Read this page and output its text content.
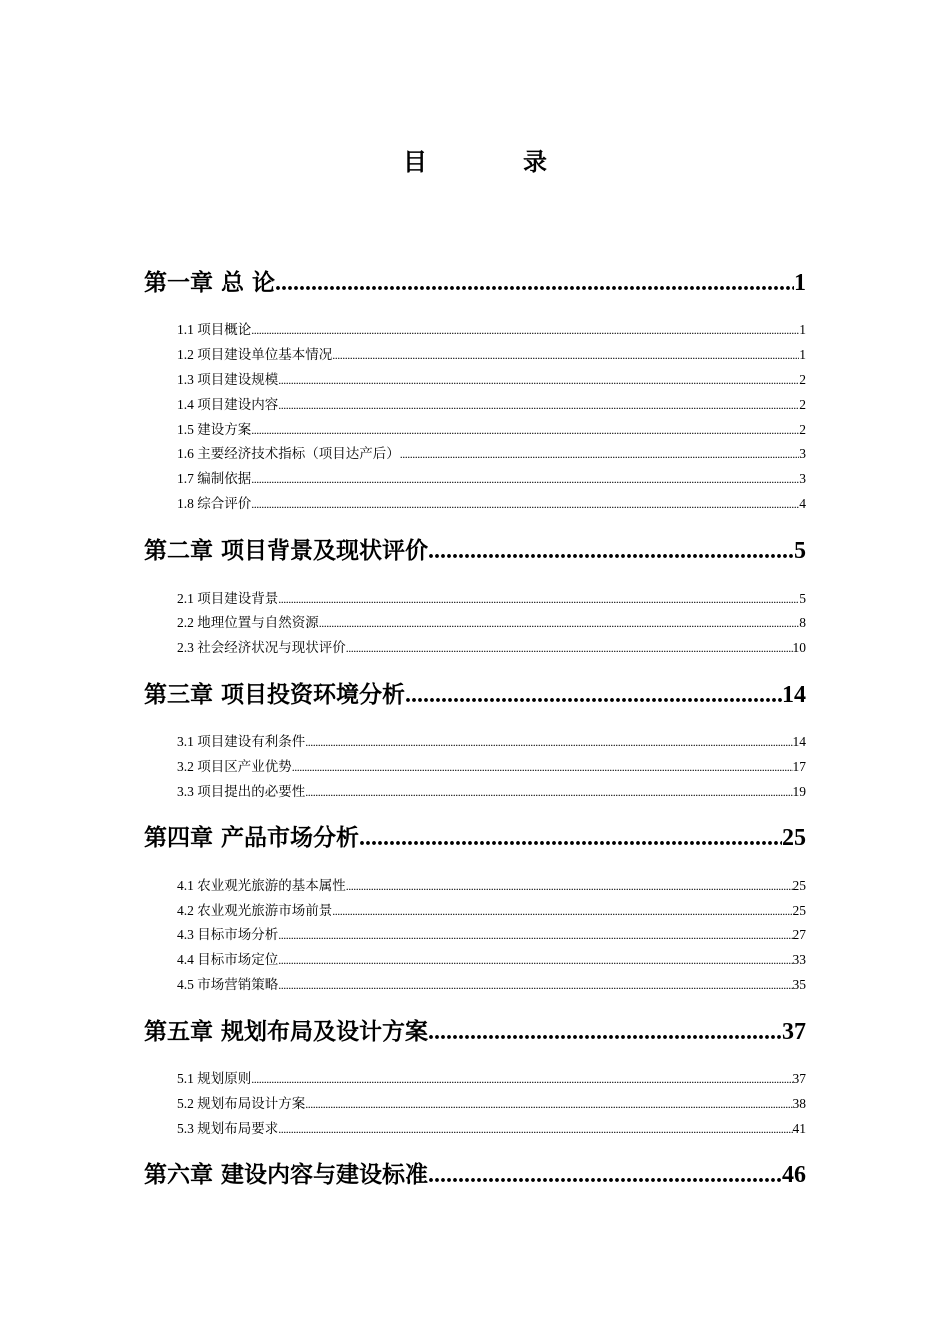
目　录
第一章 总 论 .....	1
1.1 项目概论 .....	1
1.2 项目建设单位基本情况 .....	1
1.3 项目建设规模 .....	2
1.4 项目建设内容 .....	2
1.5 建设方案 .....	2
1.6 主要经济技术指标（项目达产后） .....	3
1.7 编制依据 .....	3
1.8 综合评价 .....	4
第二章 项目背景及现状评价 .....	5
2.1 项目建设背景 .....	5
2.2 地理位置与自然资源 .....	8
2.3 社会经济状况与现状评价 .....	10
第三章 项目投资环境分析 .....	14
3.1 项目建设有利条件 .....	14
3.2 项目区产业优势 .....	17
3.3 项目提出的必要性 .....	19
第四章 产品市场分析 .....	25
4.1 农业观光旅游的基本属性 .....	25
4.2 农业观光旅游市场前景 .....	25
4.3 目标市场分析 .....	27
4.4 目标市场定位 .....	33
4.5 市场营销策略 .....	35
第五章 规划布局及设计方案 .....	37
5.1 规划原则 .....	37
5.2 规划布局设计方案 .....	38
5.3 规划布局要求 .....	41
第六章 建设内容与建设标准 .....	46
